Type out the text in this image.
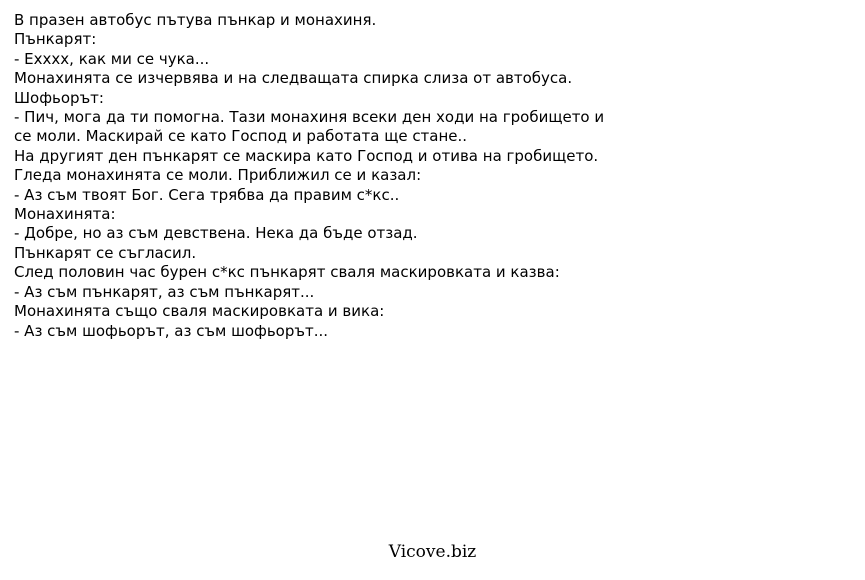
В празен автобус пътува пънкар и монахиня.
Пънкарят:
- Ехххх, как ми се чука...
Монахинята се изчервява и на следващата спирка слиза от автобуса.
Шофьорът:
- Пич, мога да ти помогна. Тази монахиня всеки ден ходи на гробището и се моли. Маскирай се като Господ и работата ще стане..
На другият ден пънкарят се маскира като Господ и отива на гробището. Гледа монахинята се моли. Приближил се и казал:
- Аз съм твоят Бог. Сега трябва да правим с*кс..
Монахинята:
- Добре, но аз съм девствена. Нека да бъде отзад.
Пънкарят се съгласил.
След половин час бурен с*кс пънкарят сваля маскировката и казва:
- Аз съм пънкарят, аз съм пънкарят...
Монахинята също сваля маскировката и вика:
- Аз съм шофьорът, аз съм шофьорът...
Vicove.biz
